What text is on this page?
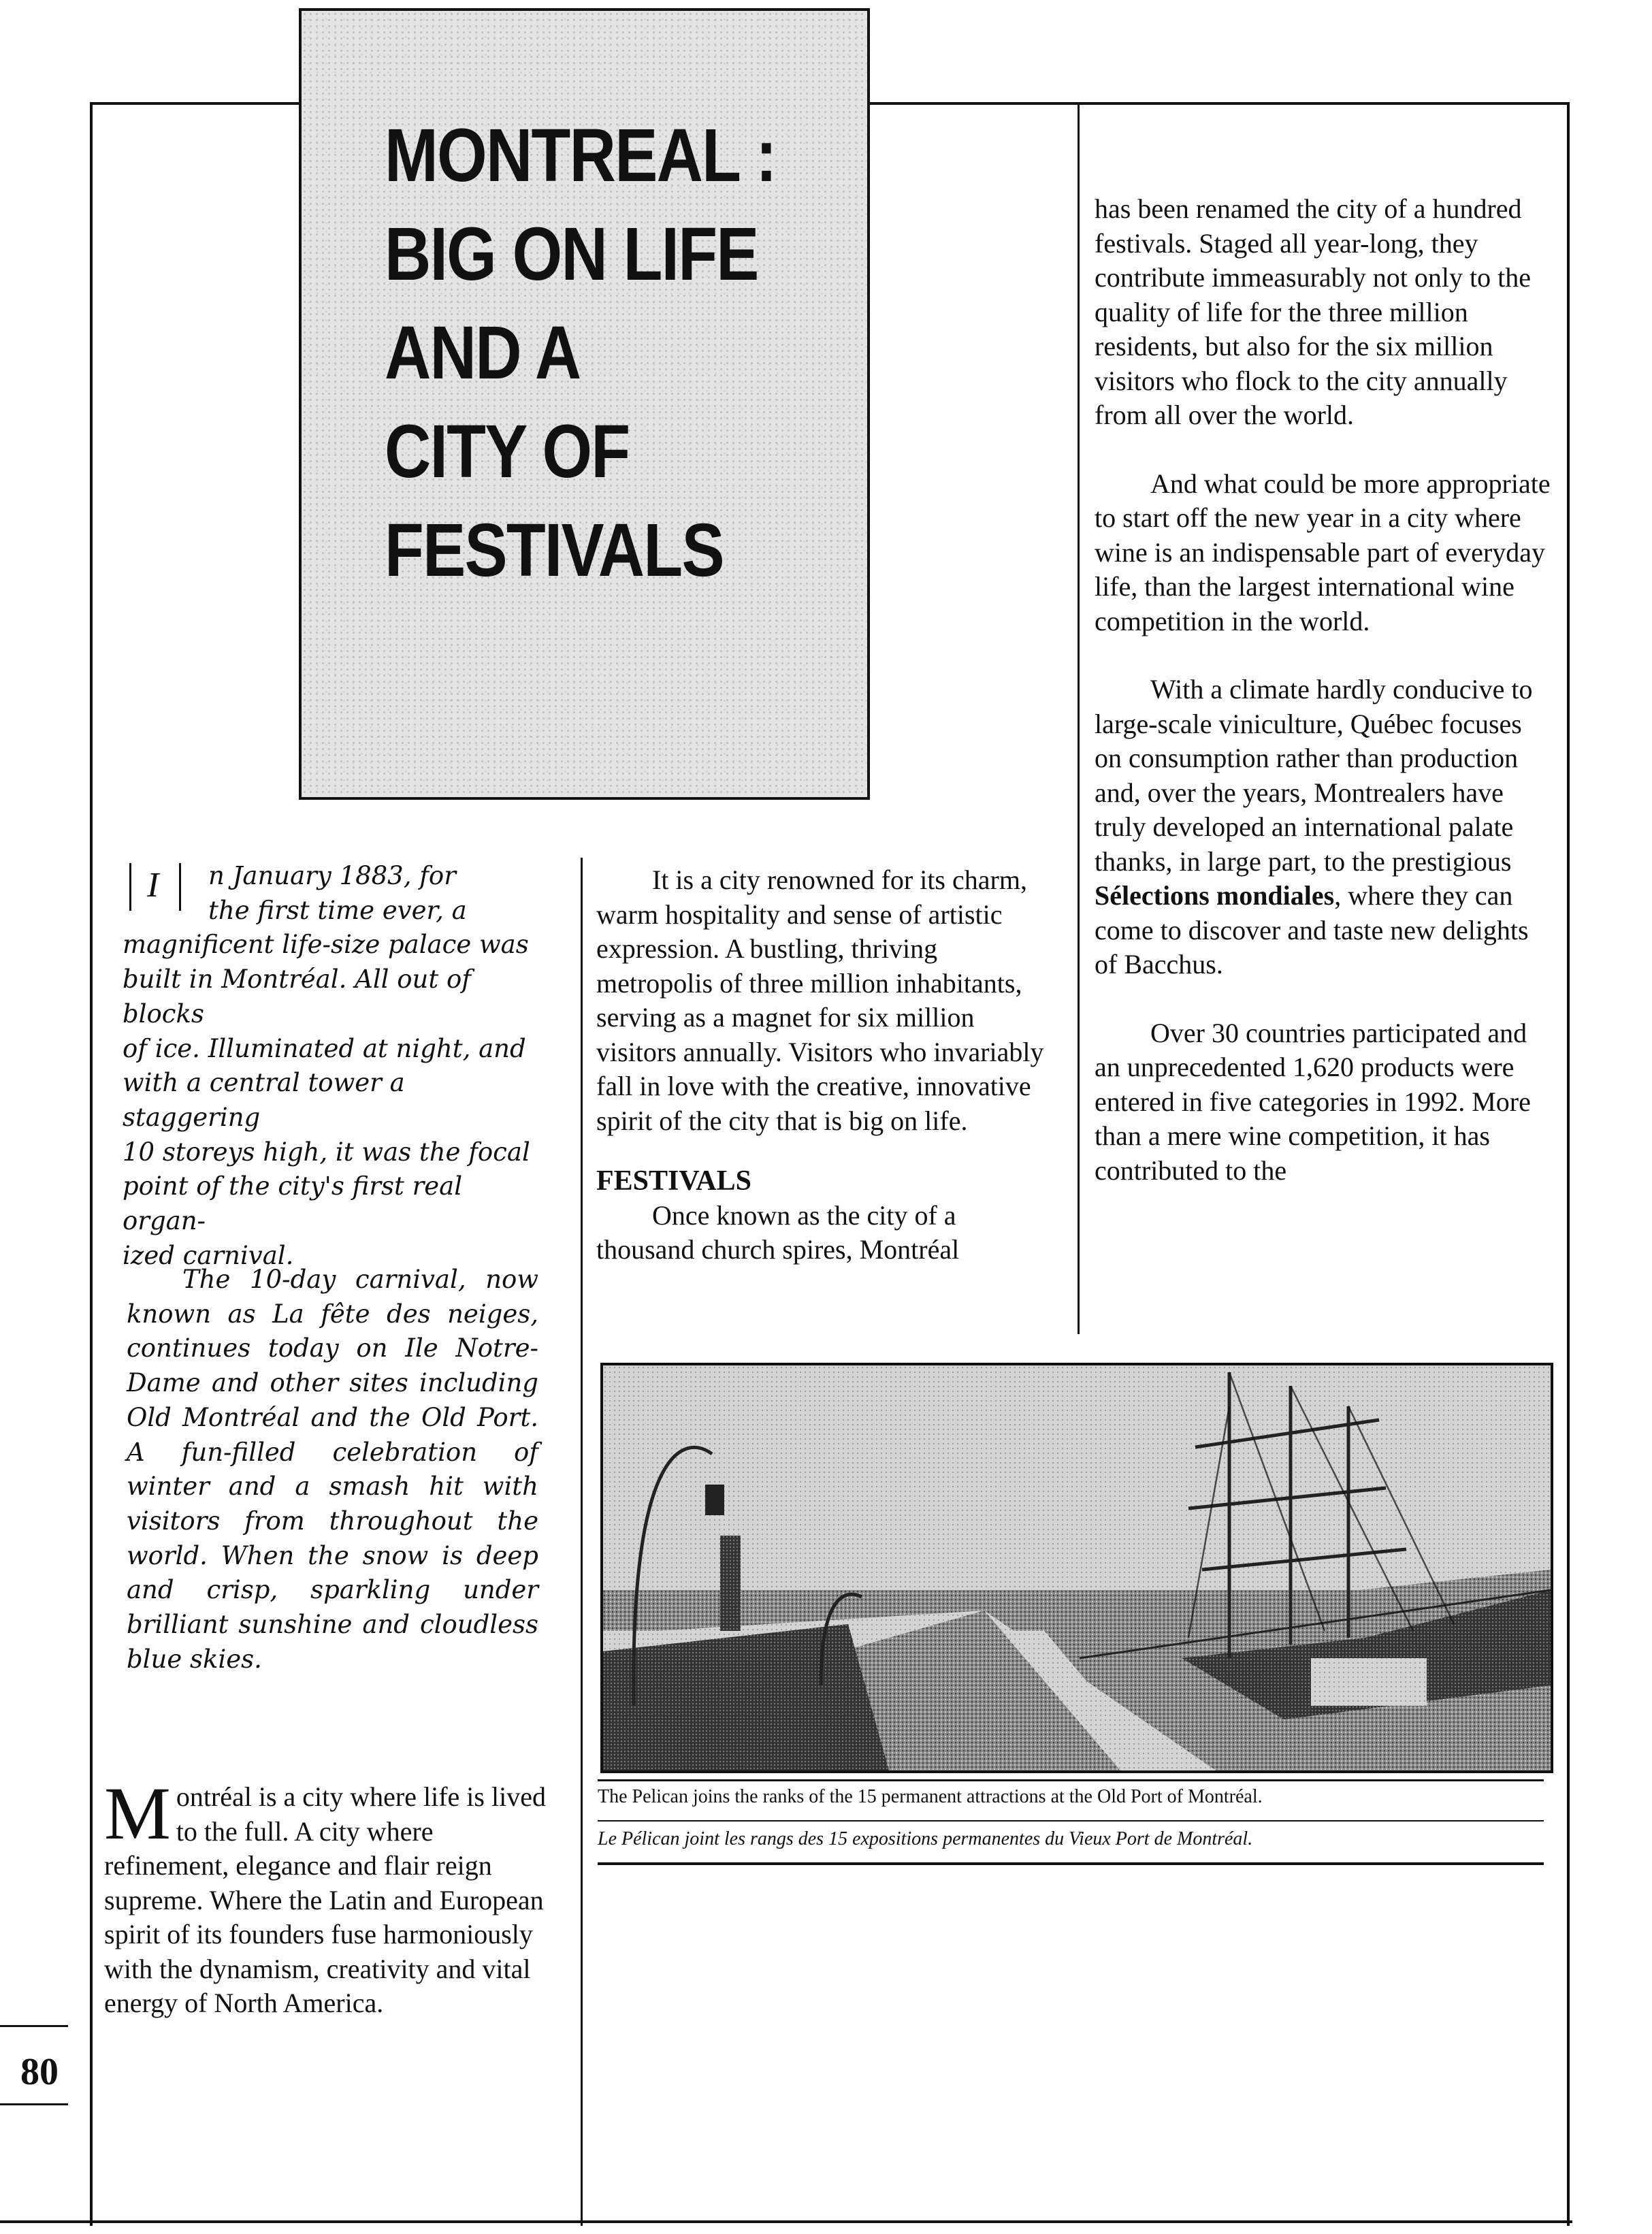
MONTREAL :
BIG ON LIFE
AND A
CITY OF
FESTIVALS
I	n January 1883, for

the first time ever, a

magnificent life-size palace was

built in Montréal. All out of blocks

of ice. Illuminated at night, and

with a central tower a staggering

10 storeys high, it was the focal

point of the city's first real organ-

ized carnival.

The 10-day carnival, now known as La fête des neiges, continues today on Ile Notre-Dame and other sites including Old Montréal and the Old Port. A fun-filled celebration of winter and a smash hit with visitors from throughout the world. When the snow is deep and crisp, sparkling under brilliant sunshine and cloudless blue skies.

M ontréal is a city where life is lived to the full. A city where refinement, elegance and flair reign supreme. Where the Latin and European spirit of its founders fuse harmoniously with the dynamism, creativity and vital energy of North America.

It is a city renowned for its charm, warm hospitality and sense of artistic expression. A bustling, thriving metropolis of three million inhabitants, serving as a magnet for six million visitors annually. Visitors who invariably fall in love with the creative, innovative spirit of the city that is big on life.

FESTIVALS

Once known as the city of a thousand church spires, Montréal

has been renamed the city of a hundred festivals. Staged all year-long, they contribute immeasurably not only to the quality of life for the three million residents, but also for the six million visitors who flock to the city annually from all over the world.

And what could be more appropriate to start off the new year in a city where wine is an indispensable part of everyday life, than the largest international wine competition in the world.

With a climate hardly conducive to large-scale viniculture, Québec focuses on consumption rather than production and, over the years, Montrealers have truly developed an international palate thanks, in large part, to the prestigious Sélections mondiales, where they can come to discover and taste new delights of Bacchus.

Over 30 countries participated and an unprecedented 1,620 products were entered in five categories in 1992. More than a mere wine competition, it has contributed to the

The Pelican joins the ranks of the 15 permanent attractions at the Old Port of Montréal.

Le Pélican joint les rangs des 15 expositions permanentes du Vieux Port de Montréal.

80
